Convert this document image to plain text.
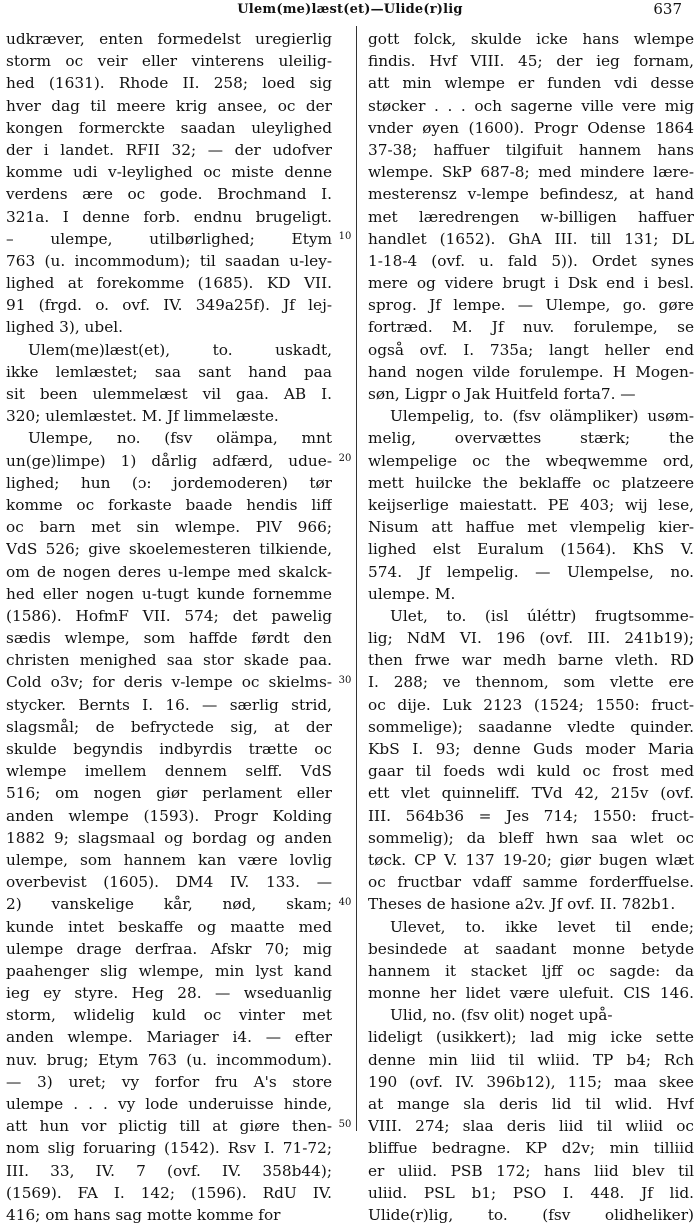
Ulem(me)læst(et)—Ulide(r)lig	637
udkræver, enten formedelst uregierlig
storm oc veir eller vinterens uleilig-
hed (1631). Rhode II. 258; loed sig
hver dag til meere krig ansee, oc der
kongen formerckte saadan uleylighed
der i landet. RFII 32; — der udofver
komme udi v-leylighed oc miste denne
verdens ære oc gode. Brochmand I.
321a. I denne forb. endnu brugeligt.
– ulempe, utilbørlighed; Etym
763 (u. incommodum); til saadan u-ley-
lighed at forekomme (1685). KD VII.
91 (frgd. o. ovf. IV. 349a25f). Jf lej-
lighed 3), ubel.
Ulem(me)læst(et), to. uskadt,
ikke lemlæstet; saa sant hand paa
sit been ulemmelæst vil gaa. AB I.
320; ulemlæstet. M. Jf limmelæste.
Ulempe, no. (fsv olämpa, mnt
un(ge)limpe) 1) dårlig adfærd, udue-
lighed; hun (ɔ: jordemoderen) tør
komme oc forkaste baade hendis liff
oc barn met sin wlempe. PlV 966;
VdS 526; give skoelemesteren tilkiende,
om de nogen deres u-lempe med skalck-
hed eller nogen u-tugt kunde fornemme
(1586). HofmF VII. 574; det pawelig
sædis wlempe, som haffde førdt den
christen menighed saa stor skade paa.
Cold o3v; for deris v-lempe oc skielms-
stycker. Bernts I. 16. — særlig strid,
slagsmål; de befryctede sig, at der
skulde begyndis indbyrdis trætte oc
wlempe imellem dennem selff. VdS
516; om nogen giør perlament eller
anden wlempe (1593). Progr Kolding
1882 9; slagsmaal og bordag og anden
ulempe, som hannem kan være lovlig
overbevist (1605). DM4 IV. 133. —
2) vanskelige kår, nød, skam;
kunde intet beskaffe og maatte med
ulempe drage derfraa. Afskr 70; mig
paahenger slig wlempe, min lyst kand
ieg ey styre. Heg 28. — wseduanlig
storm, wlidelig kuld oc vinter met
anden wlempe. Mariager i4. — efter
nuv. brug; Etym 763 (u. incommodum).
— 3) uret; vy forfor fru A's store
ulempe . . . vy lode underuisse hinde,
att hun vor plictig till at giøre then-
nom slig foruaring (1542). Rsv I. 71-72;
III. 33, IV. 7 (ovf. IV. 358b44);
(1569). FA I. 142; (1596). RdU IV.
416; om hans sag motte komme for
gott folck, skulde icke hans wlempe
findis. Hvf VIII. 45; der ieg fornam,
att min wlempe er funden vdi desse
støcker . . . och sagerne ville vere mig
vnder øyen (1600). Progr Odense 1864
37-38; haffuer tilgifuit hannem hans
wlempe. SkP 687-8; med mindere lære-
mesterensz v-lempe befindesz, at hand
met læredrengen w-billigen haffuer
handlet (1652). GhA III. till 131; DL
1-18-4 (ovf. u. fald 5)). Ordet synes
mere og videre brugt i Dsk end i besl.
sprog. Jf lempe. — Ulempe, go. gøre
fortræd. M. Jf nuv. forulempe, se
også ovf. I. 735a; langt heller end
hand nogen vilde forulempe. H Mogen-
søn, Ligpr o Jak Huitfeld forta7. —
Ulempelig, to. (fsv olämpliker) usøm-
melig, overvættes stærk; the
wlempelige oc the wbeqwemme ord,
mett huilcke the beklaffe oc platzeere
keijserlige maiestatt. PE 403; wij lese,
Nisum att haffue met vlempelig kier-
lighed elst Euralum (1564). KhS V.
574. Jf lempelig. — Ulempelse, no.
ulempe. M.
Ulet, to. (isl úléttr) frugtsomme-
lig; NdM VI. 196 (ovf. III. 241b19);
then frwe war medh barne vleth. RD
I. 288; ve thennom, som vlette ere
oc dije. Luk 2123 (1524; 1550: fruct-
sommelige); saadanne vledte quinder.
KbS I. 93; denne Guds moder Maria
gaar til foeds wdi kuld oc frost med
ett vlet quinneliff. TVd 42, 215v (ovf.
III. 564b36 = Jes 714; 1550: fruct-
sommelig); da bleff hwn saa wlet oc
tøck. CP V. 137 19-20; giør bugen wlæt
oc fructbar vdaff samme forderffuelse.
Theses de hasione a2v. Jf ovf. II. 782b1.
Ulevet, to. ikke levet til ende;
besindede at saadant monne betyde
hannem it stacket ljff oc sagde: da
monne her lidet være ulefuit. ClS 146.
Ulid, no. (fsv olit) noget upå-
lideligt (usikkert); lad mig icke sette
denne min liid til wliid. TP b4; Rch
190 (ovf. IV. 396b12), 115; maa skee
at mange sla deris lid til wlid. Hvf
VIII. 274; slaa deris liid til wliid oc
bliffue bedragne. KP d2v; min tilliid
er uliid. PSB 172; hans liid blev til
uliid. PSL b1; PSO I. 448. Jf lid.
Ulide(r)lig, to. (fsv olidheliker)
10
20
30
40
50
